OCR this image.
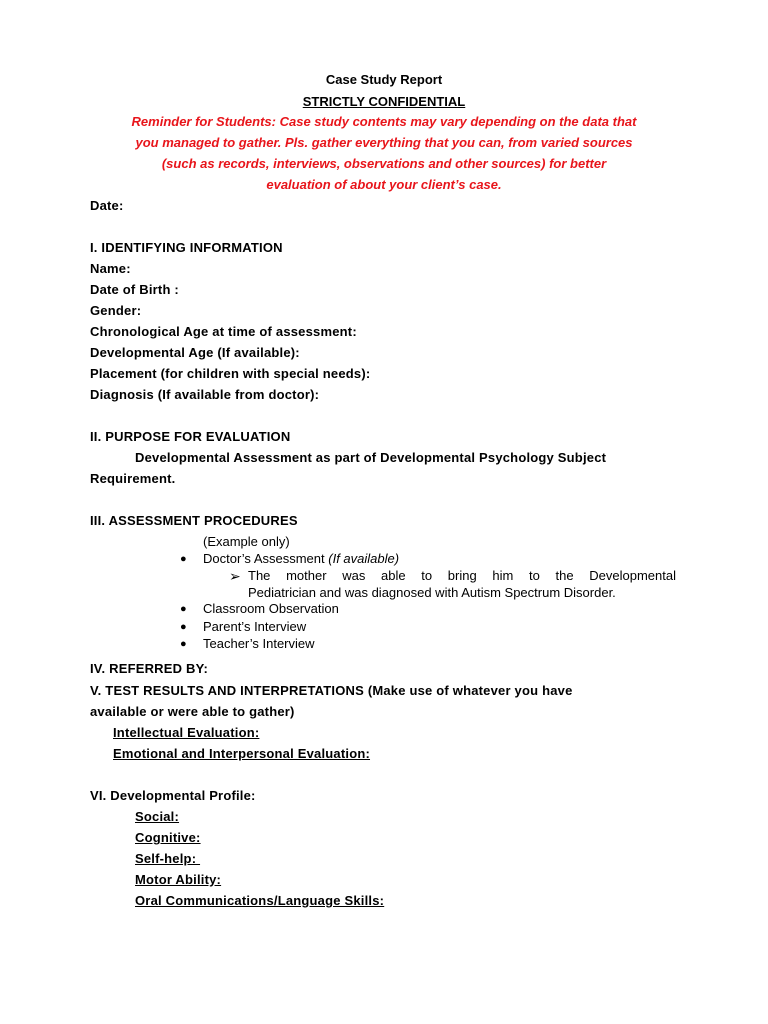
Case Study Report
STRICTLY CONFIDENTIAL
Reminder for Students: Case study contents may vary depending on the data that
you managed to gather. Pls. gather everything that you can, from varied sources
(such as records, interviews, observations and other sources) for better
evaluation of about your client’s case.
Date:
I. IDENTIFYING INFORMATION
Name:
Date of Birth :
Gender:
Chronological Age at time of assessment:
Developmental Age (If available):
Placement (for children with special needs):
Diagnosis (If available from doctor):
II. PURPOSE FOR EVALUATION
Developmental Assessment as part of Developmental Psychology Subject
Requirement.
III. ASSESSMENT PROCEDURES
(Example only)
● Doctor’s Assessment (If available)
➢ The mother was able to bring him to the Developmental
Pediatrician and was diagnosed with Autism Spectrum Disorder.
● Classroom Observation
● Parent’s Interview
● Teacher’s Interview
IV. REFERRED BY:
V. TEST RESULTS AND INTERPRETATIONS (Make use of whatever you have
available or were able to gather)
Intellectual Evaluation:
Emotional and Interpersonal Evaluation:
VI. Developmental Profile:
Social:
Cognitive:
Self-help:
Motor Ability:
Oral Communications/Language Skills:
